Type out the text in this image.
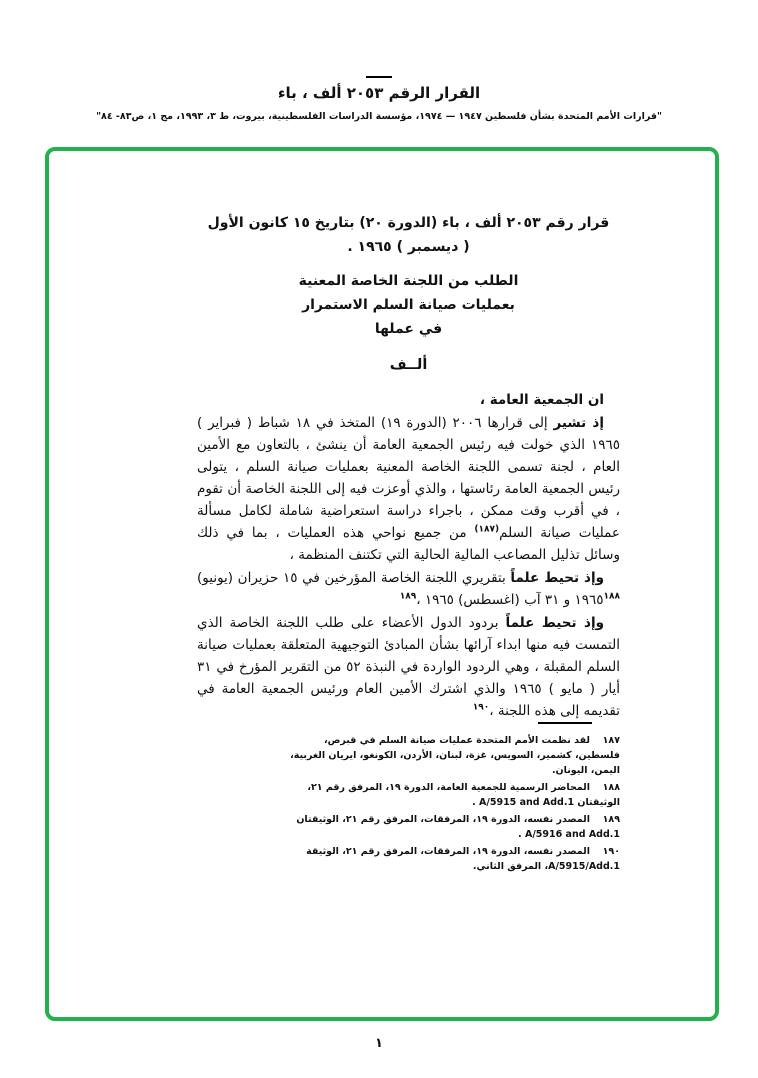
القرار الرقم ٢٠٥٣ ألف ، باء
"قرارات الأمم المتحدة بشأن فلسطين ١٩٤٧ — ١٩٧٤، مؤسسة الدراسات الفلسطينية، بيروت، ط ٣، ١٩٩٣، مج ١، ص٨٣- ٨٤"

قرار رقم ٢٠٥٣ ألف ، باء (الدورة ٢٠) بتاريخ ١٥ كانون الأول

( ديسمبر ) ١٩٦٥ .

الطلب من اللجنة الخاصة المعنية

بعمليات صيانة السلم الاستمرار

في عملها

ألــف

ان الجمعية العامة ،

إذ تشير إلى قرارها ٢٠٠٦ (الدورة ١٩) المتخذ في ١٨ شباط ( فبراير ) ١٩٦٥ الذي خولت فيه رئيس الجمعية العامة أن ينشئ ، بالتعاون مع الأمين العام ، لجنة تسمى اللجنة الخاصة المعنية بعمليات صيانة السلم ، يتولى رئيس الجمعية العامة رئاستها ، والذي أوعزت فيه إلى اللجنة الخاصة أن تقوم ، في أقرب وقت ممكن ، باجراء دراسة استعراضية شاملة لكامل مسألة عمليات صيانة السلم$^{(١٨٧)}$ من جميع نواحي هذه العمليات ، بما في ذلك وسائل تذليل المصاعب المالية الحالية التي تكتنف المنظمة ،

وإذ تحيط علماً بتقريري اللجنة الخاصة المؤرخين في ١٥ حزيران (يونيو) ١٩٦٥$^{١٨٨}$ و ٣١ آب (اغسطس) ١٩٦٥ ،$^{١٨٩}$

وإذ تحيط علماً بردود الدول الأعضاء على طلب اللجنة الخاصة الذي التمست فيه منها ابداء آرائها بشأن المبادئ التوجيهية المتعلقة بعمليات صيانة السلم المقبلة ، وهي الردود الواردة في النبذة ٥٢ من التقرير المؤرخ في ٣١ أيار ( مايو ) ١٩٦٥ والذي اشترك الأمين العام ورئيس الجمعية العامة في تقديمه إلى هذه اللجنة ،$^{١٩٠}$

١٨٧لقد نظمت الأمم المتحدة عمليات صيانة السلم في قبرص، فلسطين، كشمير، السويس، غزة، لبنان، الأردن، الكونغو، ايريان الغربية، اليمن، اليونان.
١٨٨المحاضر الرسمية للجمعية العامة، الدورة ١٩، المرفق رقم ٢١، الوثيقتان A/5915 and Add.1 .
١٨٩المصدر نفسه، الدورة ١٩، المرفقات، المرفق رقم ٢١، الوثيقتان A/5916 and Add.1 .
١٩٠المصدر نفسه، الدورة ١٩، المرفقات، المرفق رقم ٢١، الوثيقة A/5915/Add.1، المرفق الثاني.
١
